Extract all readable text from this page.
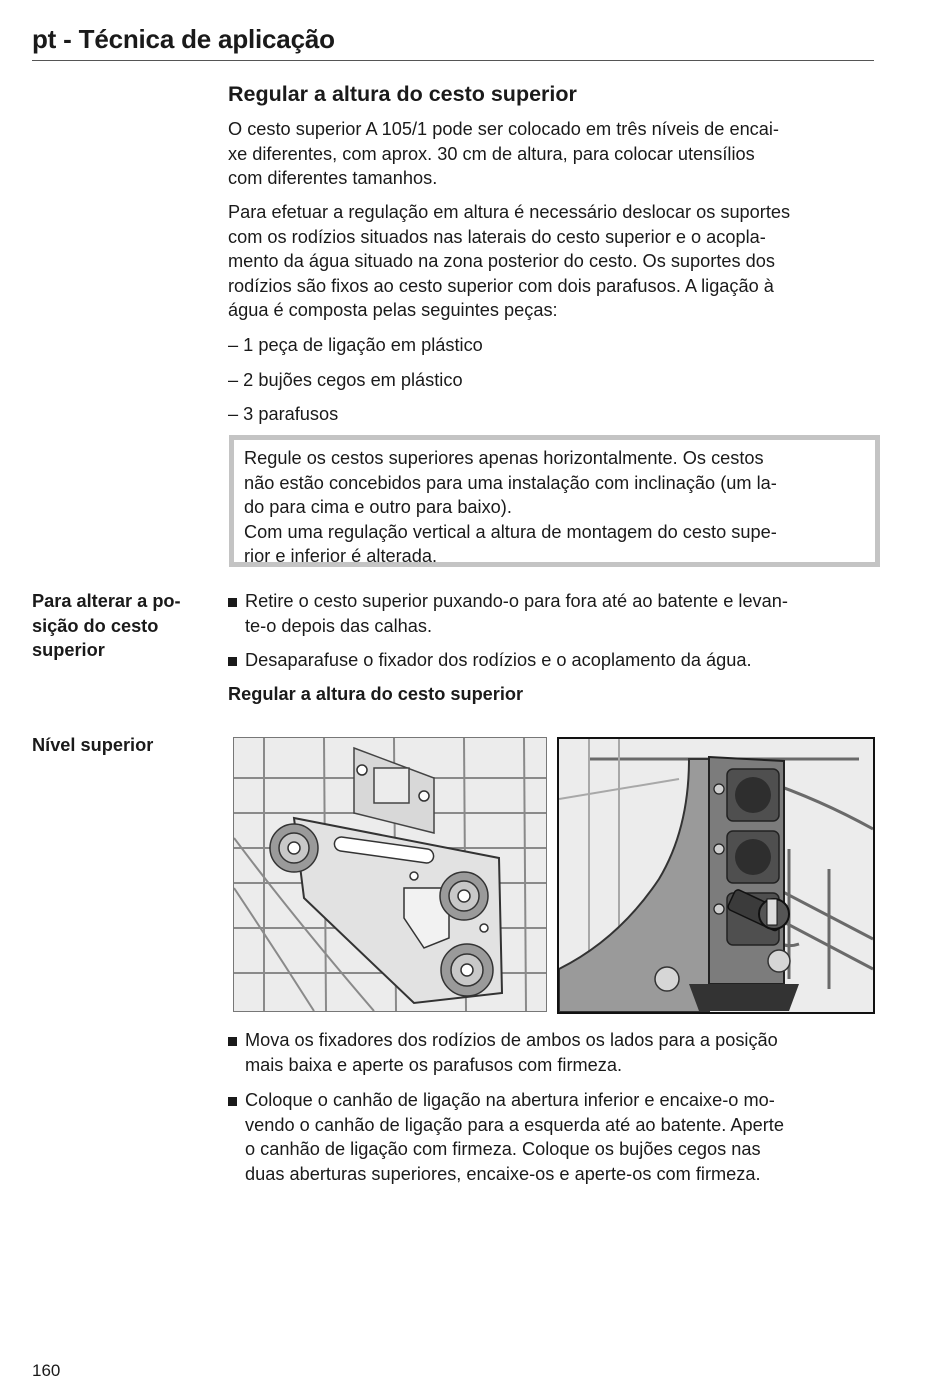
pt - Técnica de aplicação
Regular a altura do cesto superior

O cesto superior A 105/1 pode ser colocado em três níveis de encai-
xe diferentes, com aprox. 30 cm de altura, para colocar utensílios
com diferentes tamanhos.

Para efetuar a regulação em altura é necessário deslocar os suportes
com os rodízios situados nas laterais do cesto superior e o acopla-
mento da água situado na zona posterior do cesto. Os suportes dos
rodízios são fixos ao cesto superior com dois parafusos. A ligação à
água é composta pelas seguintes peças:

– 1 peça de ligação em plástico

– 2 bujões cegos em plástico

– 3 parafusos

Regule os cestos superiores apenas horizontalmente. Os cestos
não estão concebidos para uma instalação com inclinação (um la-
do para cima e outro para baixo).

Com uma regulação vertical a altura de montagem do cesto supe-
rior e inferior é alterada.

Para alterar a po-
sição do cesto
superior

Retire o cesto superior puxando-o para fora até ao batente e levan-
te-o depois das calhas.
Desaparafuse o fixador dos rodízios e o acoplamento da água.
Regular a altura do cesto superior

Nível superior

Mova os fixadores dos rodízios de ambos os lados para a posição
mais baixa e aperte os parafusos com firmeza.
Coloque o canhão de ligação na abertura inferior e encaixe-o mo-
vendo o canhão de ligação para a esquerda até ao batente. Aperte
o canhão de ligação com firmeza. Coloque os bujões cegos nas
duas aberturas superiores, encaixe-os e aperte-os com firmeza.

160
